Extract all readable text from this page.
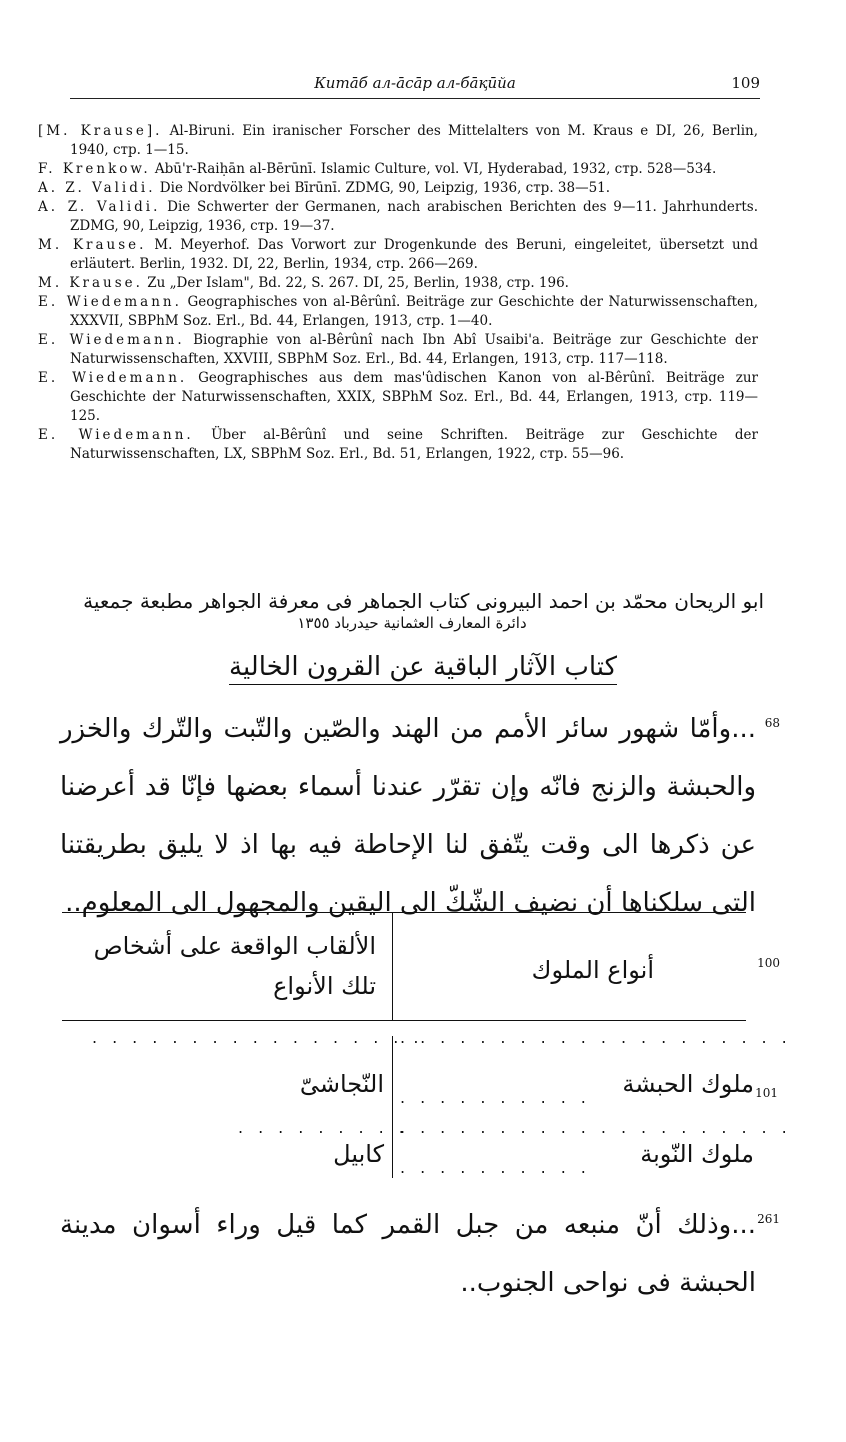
Китāб ал-āсāр ал-бāқūйа	109
[M. Krause]. Al-Biruni. Ein iranischer Forscher des Mittelalters von M. Kraus e DI, 26, Berlin, 1940, стр. 1—15.
F. Krenkow. Abū'r-Raiḥān al-Bērūnī. Islamic Culture, vol. VI, Hyderabad, 1932, стр. 528—534.
A. Z. Validi. Die Nordvölker bei Bīrūnī. ZDMG, 90, Leipzig, 1936, стр. 38—51.
A. Z. Validi. Die Schwerter der Germanen, nach arabischen Berichten des 9—11. Jahrhunderts. ZDMG, 90, Leipzig, 1936, стр. 19—37.
M. Krause. M. Meyerhof. Das Vorwort zur Drogenkunde des Beruni, eingeleitet, übersetzt und erläutert. Berlin, 1932. DI, 22, Berlin, 1934, стр. 266—269.
M. Krause. Zu „Der Islam", Bd. 22, S. 267. DI, 25, Berlin, 1938, стр. 196.
E. Wiedemann. Geographisches von al-Bêrûnî. Beiträge zur Geschichte der Naturwissenschaften, XXXVII, SBPhM Soz. Erl., Bd. 44, Erlangen, 1913, стр. 1—40.
E. Wiedemann. Biographie von al-Bêrûnî nach Ibn Abî Usaibi'a. Beiträge zur Geschichte der Naturwissenschaften, XXVIII, SBPhM Soz. Erl., Bd. 44, Erlangen, 1913, стр. 117—118.
E. Wiedemann. Geographisches aus dem mas'ûdischen Kanon von al-Bêrûnî. Beiträge zur Geschichte der Naturwissenschaften, XXIX, SBPhM Soz. Erl., Bd. 44, Erlangen, 1913, стр. 119—125.
E. Wiedemann. Über al-Bêrûnî und seine Schriften. Beiträge zur Geschichte der Naturwissenschaften, LX, SBPhM Soz. Erl., Bd. 51, Erlangen, 1922, стр. 55—96.
ابو الريحان محمّد بن احمد البيرونى كتاب الجماهر فى معرفة الجواهر مطبعة جمعية
دائرة المعارف العثمانية حيدرباد ١٣٥٥
كتاب الآثار الباقية عن القرون الخالية
68
...وأمّا شهور سائر الأمم من الهند والصّين والتّبت والتّرك والخزر والحبشة والزنج فانّه وإن تقرّر عندنا أسماء بعضها فإنّا قد أعرضنا عن ذكرها الى وقت يتّفق لنا الإحاطة فيه بها اذ لا يليق بطريقتنا التى سلكناها أن نضيف الشّكّ الى اليقين والمجهول الى المعلوم..
100
أنواع الملوك
الألقاب الواقعة على أشخاص تلك الأنواع
.................
....................
.........
....................
101
ملوك الحبشة
..........
النّجاشىّ
ملوك النّوبة
..........
كابيل
261
...وذلك أنّ منبعه من جبل القمر كما قيل وراء أسوان مدينة الحبشة فى نواحى الجنوب..
